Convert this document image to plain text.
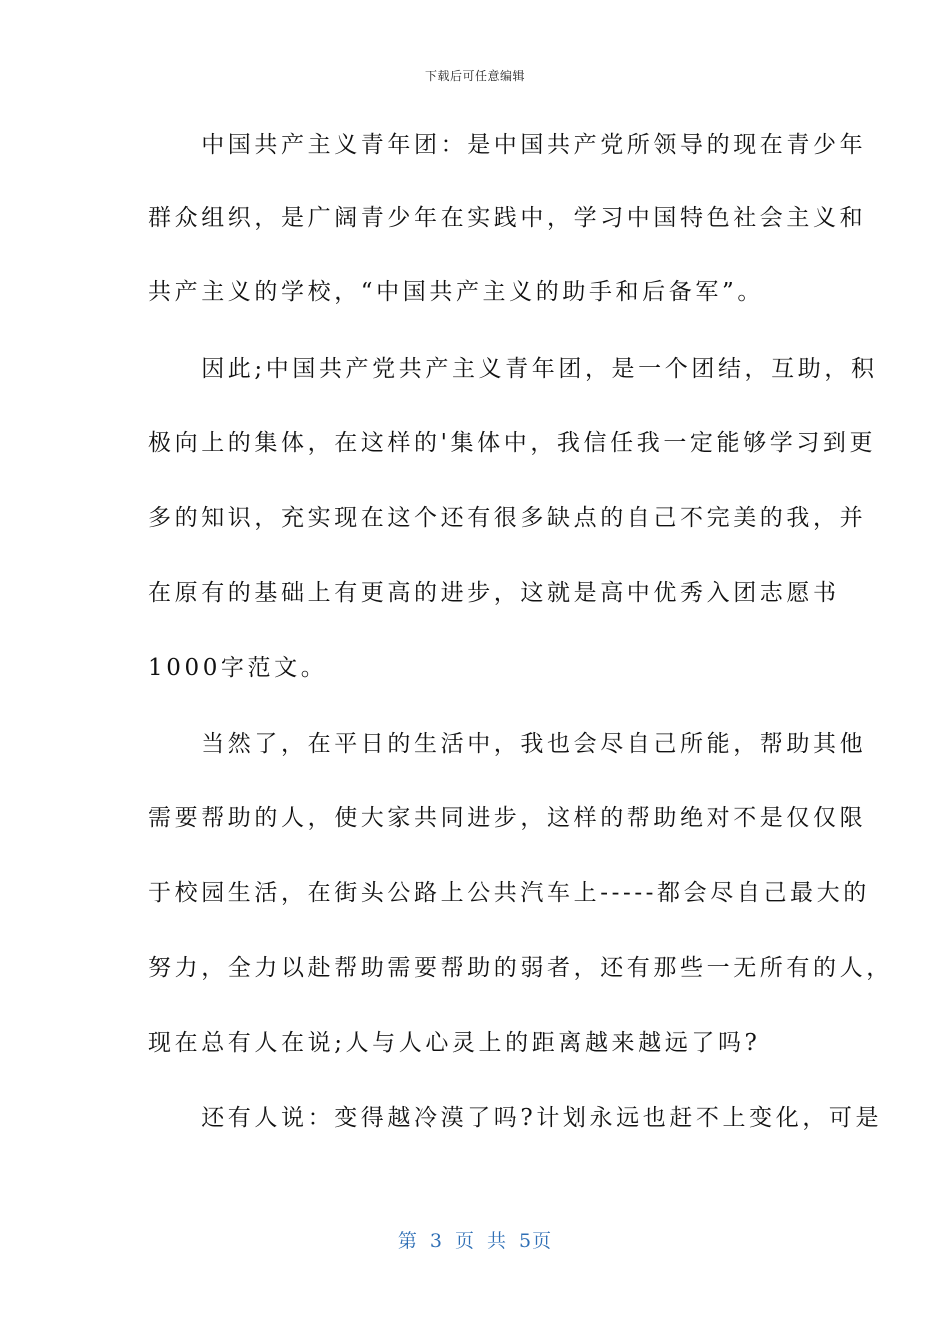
下载后可任意编辑
　　中国共产主义青年团：是中国共产党所领导的现在青少年
群众组织，是广阔青少年在实践中，学习中国特色社会主义和
共产主义的学校，“中国共产主义的助手和后备军”。
　　因此;中国共产党共产主义青年团，是一个团结，互助，积
极向上的集体，在这样的'集体中，我信任我一定能够学习到更
多的知识，充实现在这个还有很多缺点的自己不完美的我，并
在原有的基础上有更高的进步，这就是高中优秀入团志愿书
1000字范文。
　　当然了，在平日的生活中，我也会尽自己所能，帮助其他
需要帮助的人，使大家共同进步，这样的帮助绝对不是仅仅限
于校园生活，在街头公路上公共汽车上-----都会尽自己最大的
努力，全力以赴帮助需要帮助的弱者，还有那些一无所有的人，
现在总有人在说;人与人心灵上的距离越来越远了吗?
　　还有人说：变得越冷漠了吗?计划永远也赶不上变化，可是
第 3 页 共 5页
